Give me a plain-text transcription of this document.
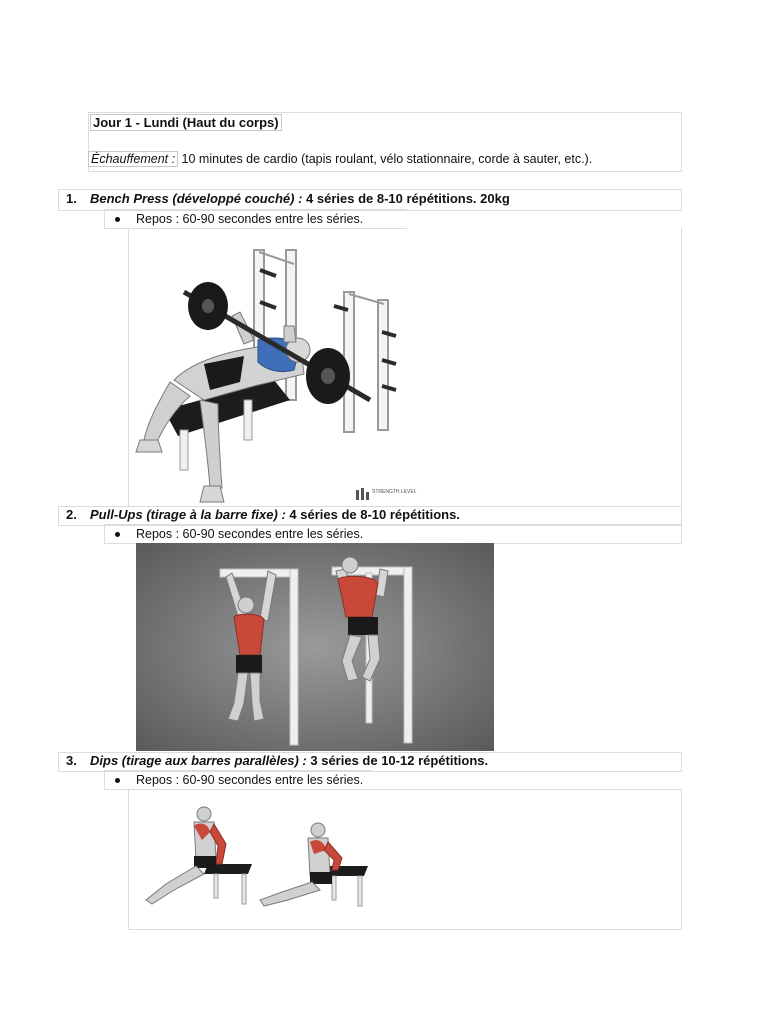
Jour 1 - Lundi (Haut du corps)
Échauffement : 10 minutes de cardio (tapis roulant, vélo stationnaire, corde à sauter, etc.).
1. Bench Press (développé couché) : 4 séries de 8-10 répétitions. 20kg
Repos : 60-90 secondes entre les séries.
STRENGTH LEVEL
2. Pull-Ups (tirage à la barre fixe) : 4 séries de 8-10 répétitions.
Repos : 60-90 secondes entre les séries.
3. Dips (tirage aux barres parallèles) : 3 séries de 10-12 répétitions.
Repos : 60-90 secondes entre les séries.
